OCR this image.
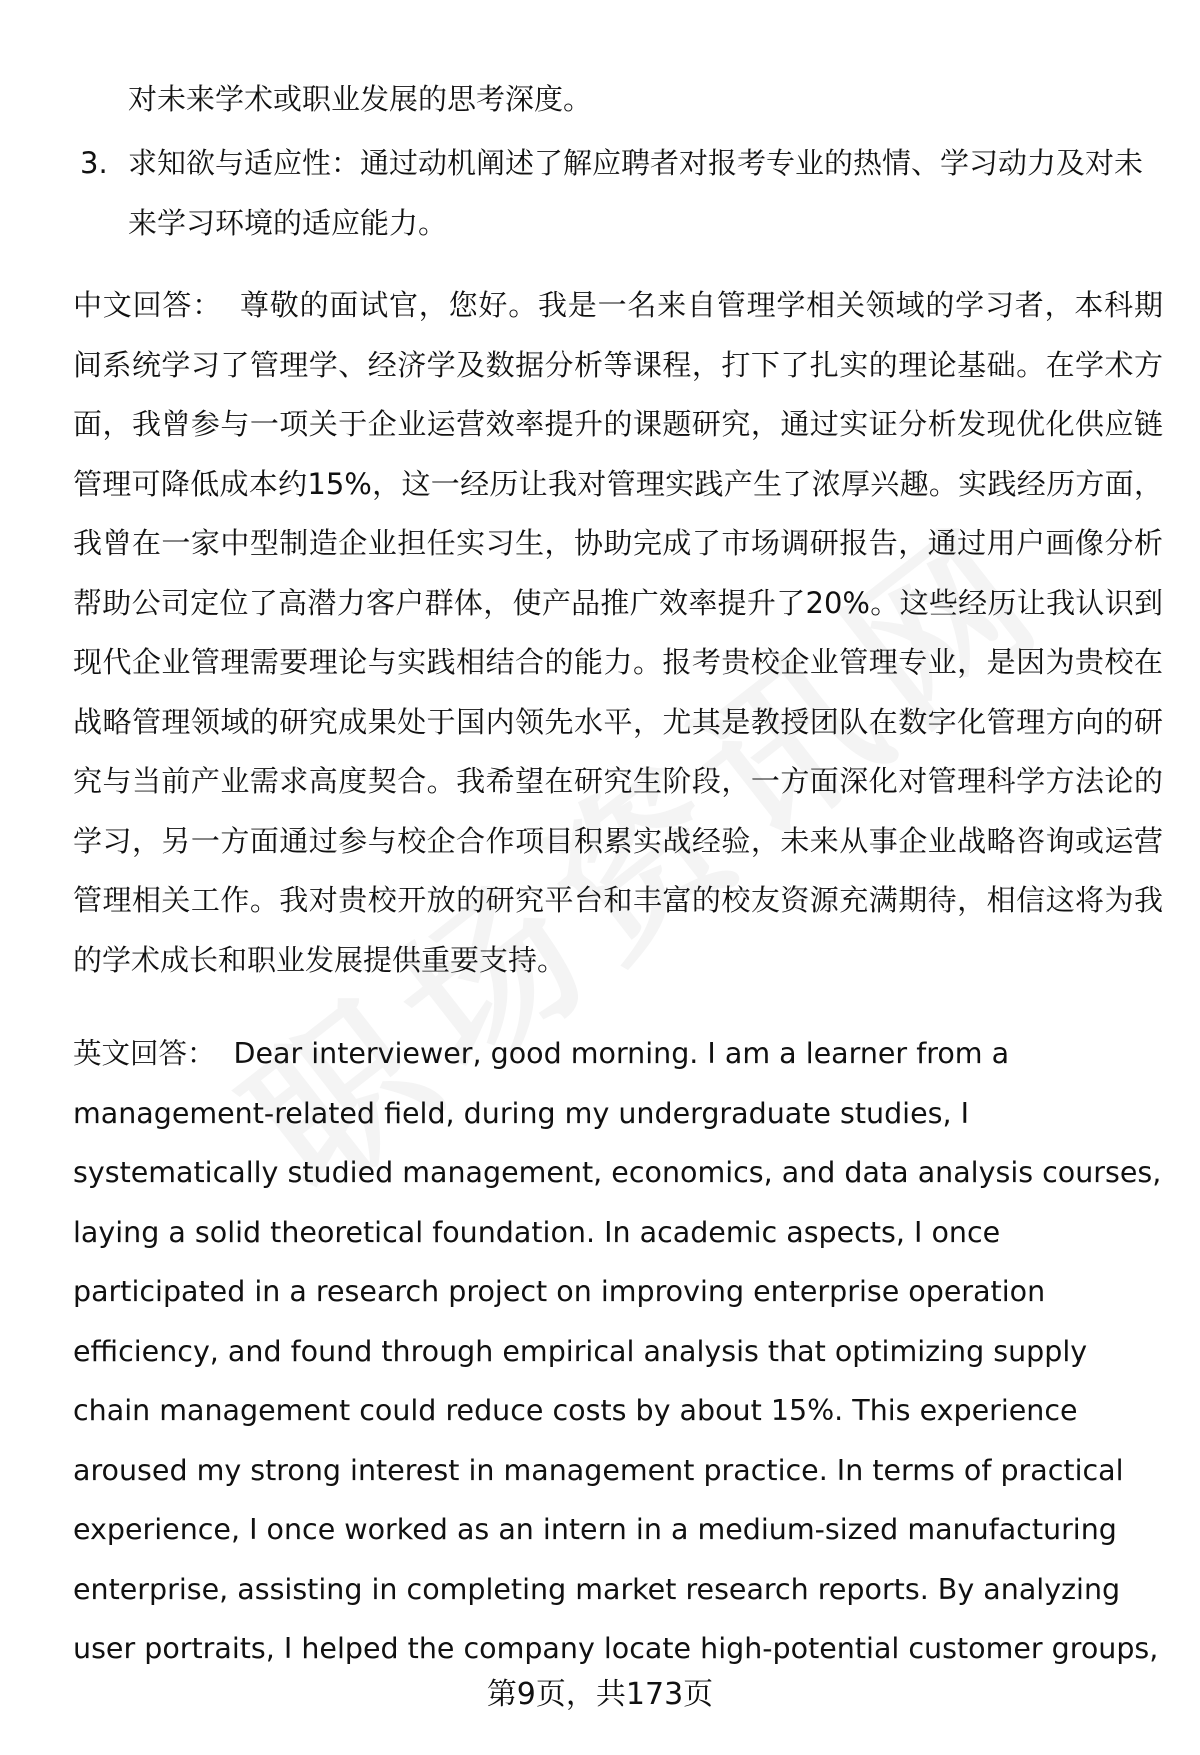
对未来学术或职业发展的思考深度。
3. 求知欲与适应性：通过动机阐述了解应聘者对报考专业的热情、学习动力及对未来学习环境的适应能力。
中文回答： 尊敬的面试官，您好。我是一名来自管理学相关领域的学习者，本科期间系统学习了管理学、经济学及数据分析等课程，打下了扎实的理论基础。在学术方面，我曾参与一项关于企业运营效率提升的课题研究，通过实证分析发现优化供应链管理可降低成本约15%，这一经历让我对管理实践产生了浓厚兴趣。实践经历方面，我曾在一家中型制造企业担任实习生，协助完成了市场调研报告，通过用户画像分析帮助公司定位了高潜力客户群体，使产品推广效率提升了20%。这些经历让我认识到现代企业管理需要理论与实践相结合的能力。报考贵校企业管理专业，是因为贵校在战略管理领域的研究成果处于国内领先水平，尤其是教授团队在数字化管理方向的研究与当前产业需求高度契合。我希望在研究生阶段，一方面深化对管理科学方法论的学习，另一方面通过参与校企合作项目积累实战经验，未来从事企业战略咨询或运营管理相关工作。我对贵校开放的研究平台和丰富的校友资源充满期待，相信这将为我的学术成长和职业发展提供重要支持。
英文回答： Dear interviewer, good morning. I am a learner from a
management-related field, during my undergraduate studies, I
systematically studied management, economics, and data analysis courses,
laying a solid theoretical foundation. In academic aspects, I once
participated in a research project on improving enterprise operation
efficiency, and found through empirical analysis that optimizing supply
chain management could reduce costs by about 15%. This experience
aroused my strong interest in management practice. In terms of practical
experience, I once worked as an intern in a medium-sized manufacturing
enterprise, assisting in completing market research reports. By analyzing
user portraits, I helped the company locate high-potential customer groups,
第9页，共173页
